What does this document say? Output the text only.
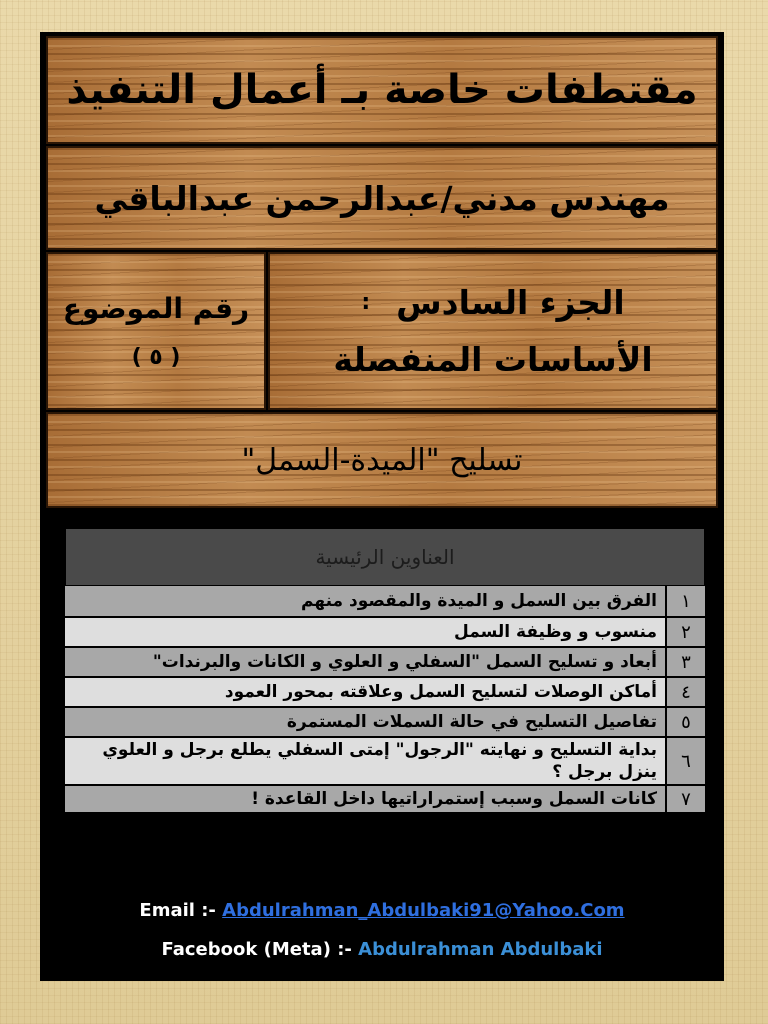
مقتطفات خاصة بـ أعمال التنفيذ
مهندس مدني/عبدالرحمن عبدالباقي
الجزء السادس
:
الأساسات المنفصلة
رقم الموضوع
( ٥ )
تسليح "الميدة-السمل"
العناوين الرئيسية
١
الفرق بين السمل و الميدة والمقصود منهم
٢
منسوب و وظيفة السمل
٣
أبعاد و تسليح السمل "السفلي و العلوي و الكانات والبرندات"
٤
أماكن الوصلات لتسليح السمل وعلاقته بمحور العمود
٥
تفاصيل التسليح في حالة السملات المستمرة
٦
بداية التسليح و نهايته "الرجول" إمتى السفلي يطلع برجل و العلوي ينزل برجل ؟
٧
كانات السمل وسبب إستمراراتيها داخل القاعدة !
Email :- Abdulrahman_Abdulbaki91@Yahoo.Com
Facebook (Meta) :- Abdulrahman Abdulbaki
